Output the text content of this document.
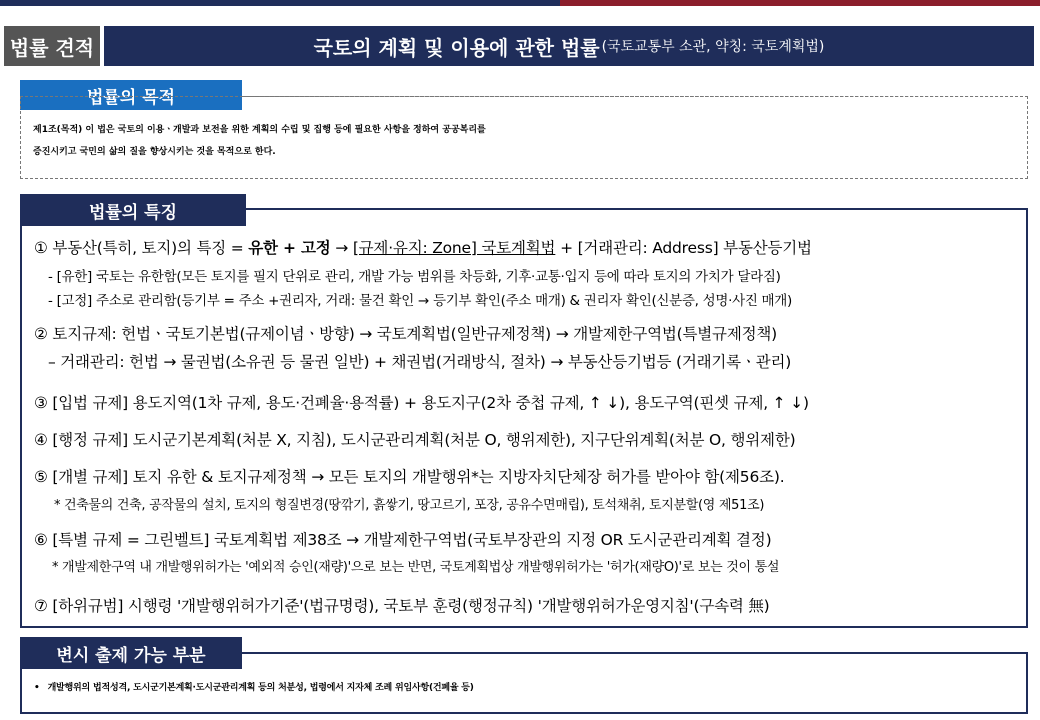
법률 견적	국토의 계획 및 이용에 관한 법률 (국토교통부 소관, 약칭: 국토계획법)
법률의 목적
제1조(목적) 이 법은 국토의 이용ㆍ개발과 보전을 위한 계획의 수립 및 집행 등에 필요한 사항을 정하여 공공복리를
증진시키고 국민의 삶의 질을 향상시키는 것을 목적으로 한다.
① 부동산(특히, 토지)의 특징 = 유한 + 고정 → [규제·유지: Zone] 국토계획법 + [거래관리: Address] 부동산등기법
- [유한] 국토는 유한함(모든 토지를 필지 단위로 관리, 개발 가능 범위를 차등화, 기후·교통·입지 등에 따라 토지의 가치가 달라짐)
- [고정] 주소로 관리함(등기부 = 주소 +권리자, 거래: 물건 확인 → 등기부 확인(주소 매개) & 권리자 확인(신분증, 성명·사진 매개)
② 토지규제: 헌법ㆍ국토기본법(규제이념ㆍ방향) → 국토계획법(일반규제정책) → 개발제한구역법(특별규제정책)
– 거래관리: 헌법 → 물권법(소유권 등 물권 일반) + 채권법(거래방식, 절차) → 부동산등기법등 (거래기록ㆍ관리)
③ [입법 규제] 용도지역(1차 규제, 용도·건폐율·용적률) + 용도지구(2차 중첩 규제, ↑ ↓), 용도구역(핀셋 규제, ↑ ↓)
④ [행정 규제] 도시군기본계획(처분 X, 지침), 도시군관리계획(처분 O, 행위제한), 지구단위계획(처분 O, 행위제한)
⑤ [개별 규제] 토지 유한 & 토지규제정책 → 모든 토지의 개발행위*는 지방자치단체장 허가를 받아야 함(제56조).
* 건축물의 건축, 공작물의 설치, 토지의 형질변경(땅깎기, 흙쌓기, 땅고르기, 포장, 공유수면매립), 토석채취, 토지분할(영 제51조)
⑥ [특별 규제 = 그린벨트] 국토계획법 제38조 → 개발제한구역법(국토부장관의 지정 OR 도시군관리계획 결정)
* 개발제한구역 내 개발행위허가는 '예외적 승인(재량)'으로 보는 반면, 국토계획법상 개발행위허가는 '허가(재량O)'로 보는 것이 통설
⑦ [하위규범] 시행령 '개발행위허가기준'(법규명령), 국토부 훈령(행정규칙) '개발행위허가운영지침'(구속력 無)
법률의 특징
• 개발행위의 법적성격, 도시군기본계획·도시군관리계획 등의 처분성, 법령에서 지자체 조례 위임사항(건폐율 등)
변시 출제 가능 부분
